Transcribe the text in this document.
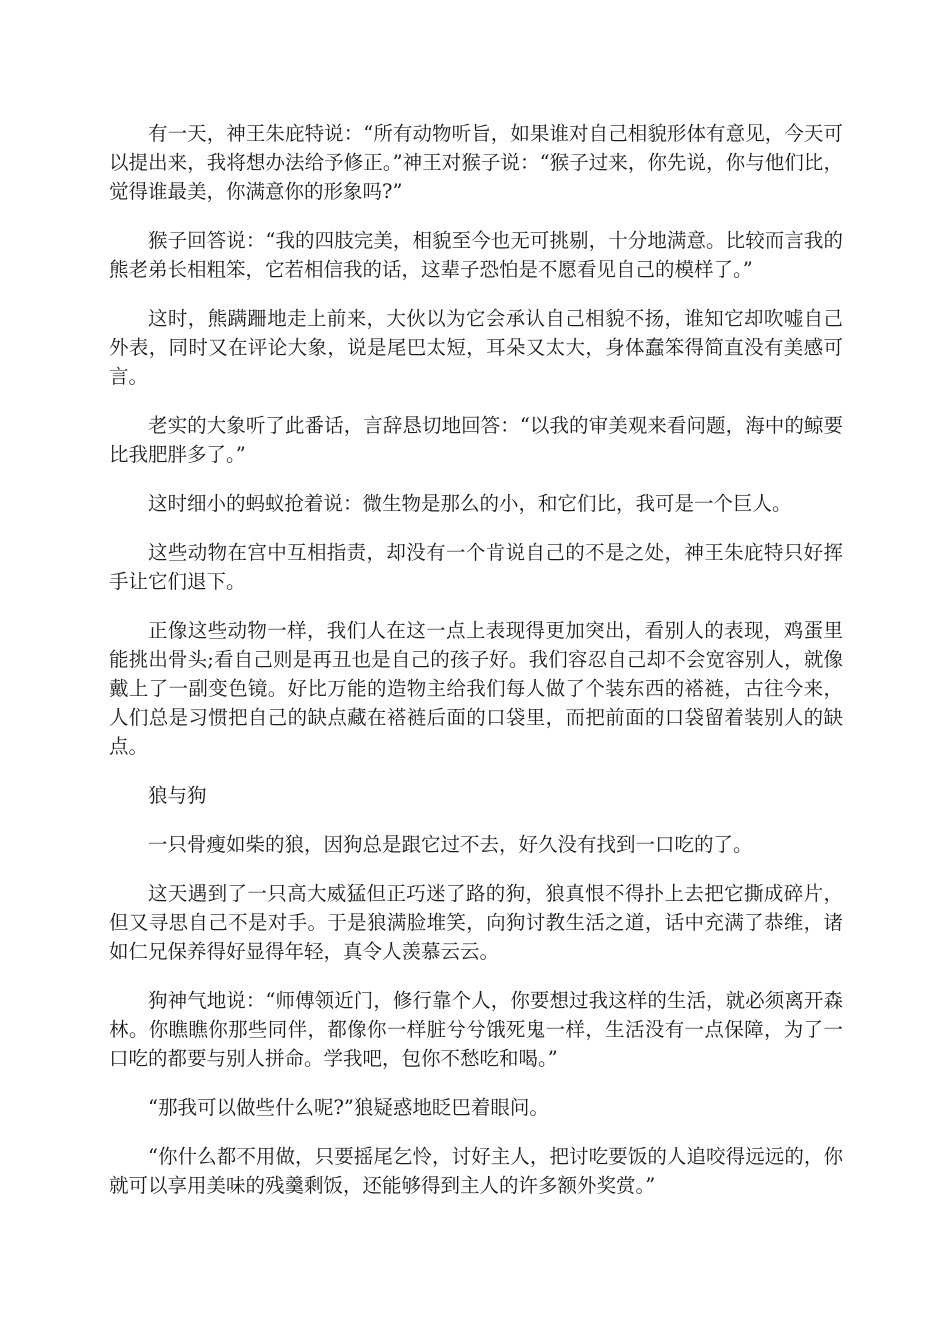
有一天，神王朱庇特说：“所有动物听旨，如果谁对自己相貌形体有意见，今天可以提出来，我将想办法给予修正。”神王对猴子说：“猴子过来，你先说，你与他们比，觉得谁最美，你满意你的形象吗?”

猴子回答说：“我的四肢完美，相貌至今也无可挑剔，十分地满意。比较而言我的熊老弟长相粗笨，它若相信我的话，这辈子恐怕是不愿看见自己的模样了。”

这时，熊蹒跚地走上前来，大伙以为它会承认自己相貌不扬，谁知它却吹嘘自己外表，同时又在评论大象，说是尾巴太短，耳朵又太大，身体蠢笨得简直没有美感可言。

老实的大象听了此番话，言辞恳切地回答：“以我的审美观来看问题，海中的鲸要比我肥胖多了。”

这时细小的蚂蚁抢着说：微生物是那么的小，和它们比，我可是一个巨人。

这些动物在宫中互相指责，却没有一个肯说自己的不是之处，神王朱庇特只好挥手让它们退下。

正像这些动物一样，我们人在这一点上表现得更加突出，看别人的表现，鸡蛋里能挑出骨头;看自己则是再丑也是自己的孩子好。我们容忍自己却不会宽容别人，就像戴上了一副变色镜。好比万能的造物主给我们每人做了个装东西的褡裢，古往今来，人们总是习惯把自己的缺点藏在褡裢后面的口袋里，而把前面的口袋留着装别人的缺点。

狼与狗

一只骨瘦如柴的狼，因狗总是跟它过不去，好久没有找到一口吃的了。

这天遇到了一只高大威猛但正巧迷了路的狗，狼真恨不得扑上去把它撕成碎片，但又寻思自己不是对手。于是狼满脸堆笑，向狗讨教生活之道，话中充满了恭维，诸如仁兄保养得好显得年轻，真令人羡慕云云。

狗神气地说：“师傅领近门，修行靠个人，你要想过我这样的生活，就必须离开森林。你瞧瞧你那些同伴，都像你一样脏兮兮饿死鬼一样，生活没有一点保障，为了一口吃的都要与别人拼命。学我吧，包你不愁吃和喝。”

“那我可以做些什么呢?”狼疑惑地眨巴着眼问。

“你什么都不用做，只要摇尾乞怜，讨好主人，把讨吃要饭的人追咬得远远的，你就可以享用美味的残羹剩饭，还能够得到主人的许多额外奖赏。”
